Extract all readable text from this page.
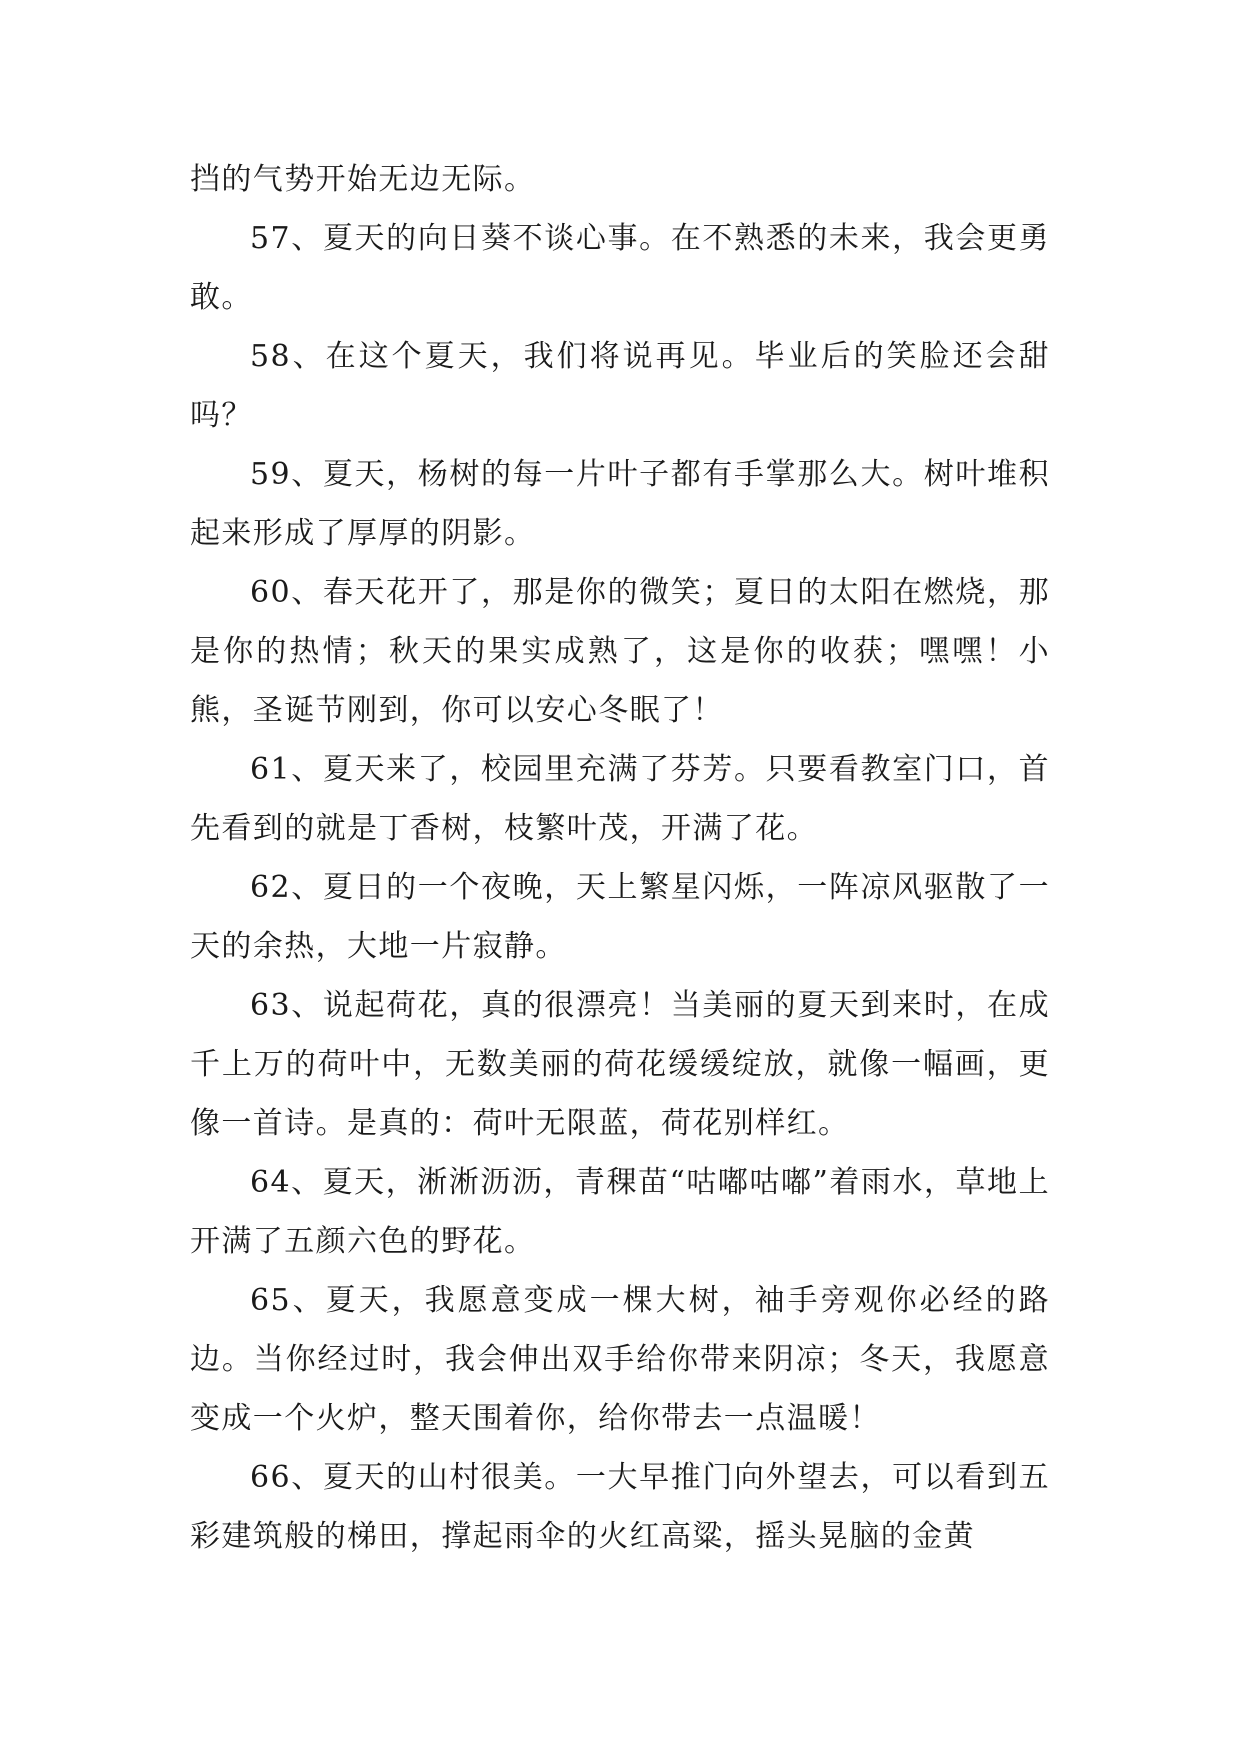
挡的气势开始无边无际。

57、夏天的向日葵不谈心事。在不熟悉的未来，我会更勇敢。

58、在这个夏天，我们将说再见。毕业后的笑脸还会甜吗？

59、夏天，杨树的每一片叶子都有手掌那么大。树叶堆积起来形成了厚厚的阴影。

60、春天花开了，那是你的微笑；夏日的太阳在燃烧，那是你的热情；秋天的果实成熟了，这是你的收获；嘿嘿！小熊，圣诞节刚到，你可以安心冬眠了！

61、夏天来了，校园里充满了芬芳。只要看教室门口，首先看到的就是丁香树，枝繁叶茂，开满了花。

62、夏日的一个夜晚，天上繁星闪烁，一阵凉风驱散了一天的余热，大地一片寂静。

63、说起荷花，真的很漂亮！当美丽的夏天到来时，在成千上万的荷叶中，无数美丽的荷花缓缓绽放，就像一幅画，更像一首诗。是真的：荷叶无限蓝，荷花别样红。

64、夏天，淅淅沥沥，青稞苗“咕嘟咕嘟”着雨水，草地上开满了五颜六色的野花。

65、夏天，我愿意变成一棵大树，袖手旁观你必经的路边。当你经过时，我会伸出双手给你带来阴凉；冬天，我愿意变成一个火炉，整天围着你，给你带去一点温暖！

66、夏天的山村很美。一大早推门向外望去，可以看到五彩建筑般的梯田，撑起雨伞的火红高粱，摇头晃脑的金黄
